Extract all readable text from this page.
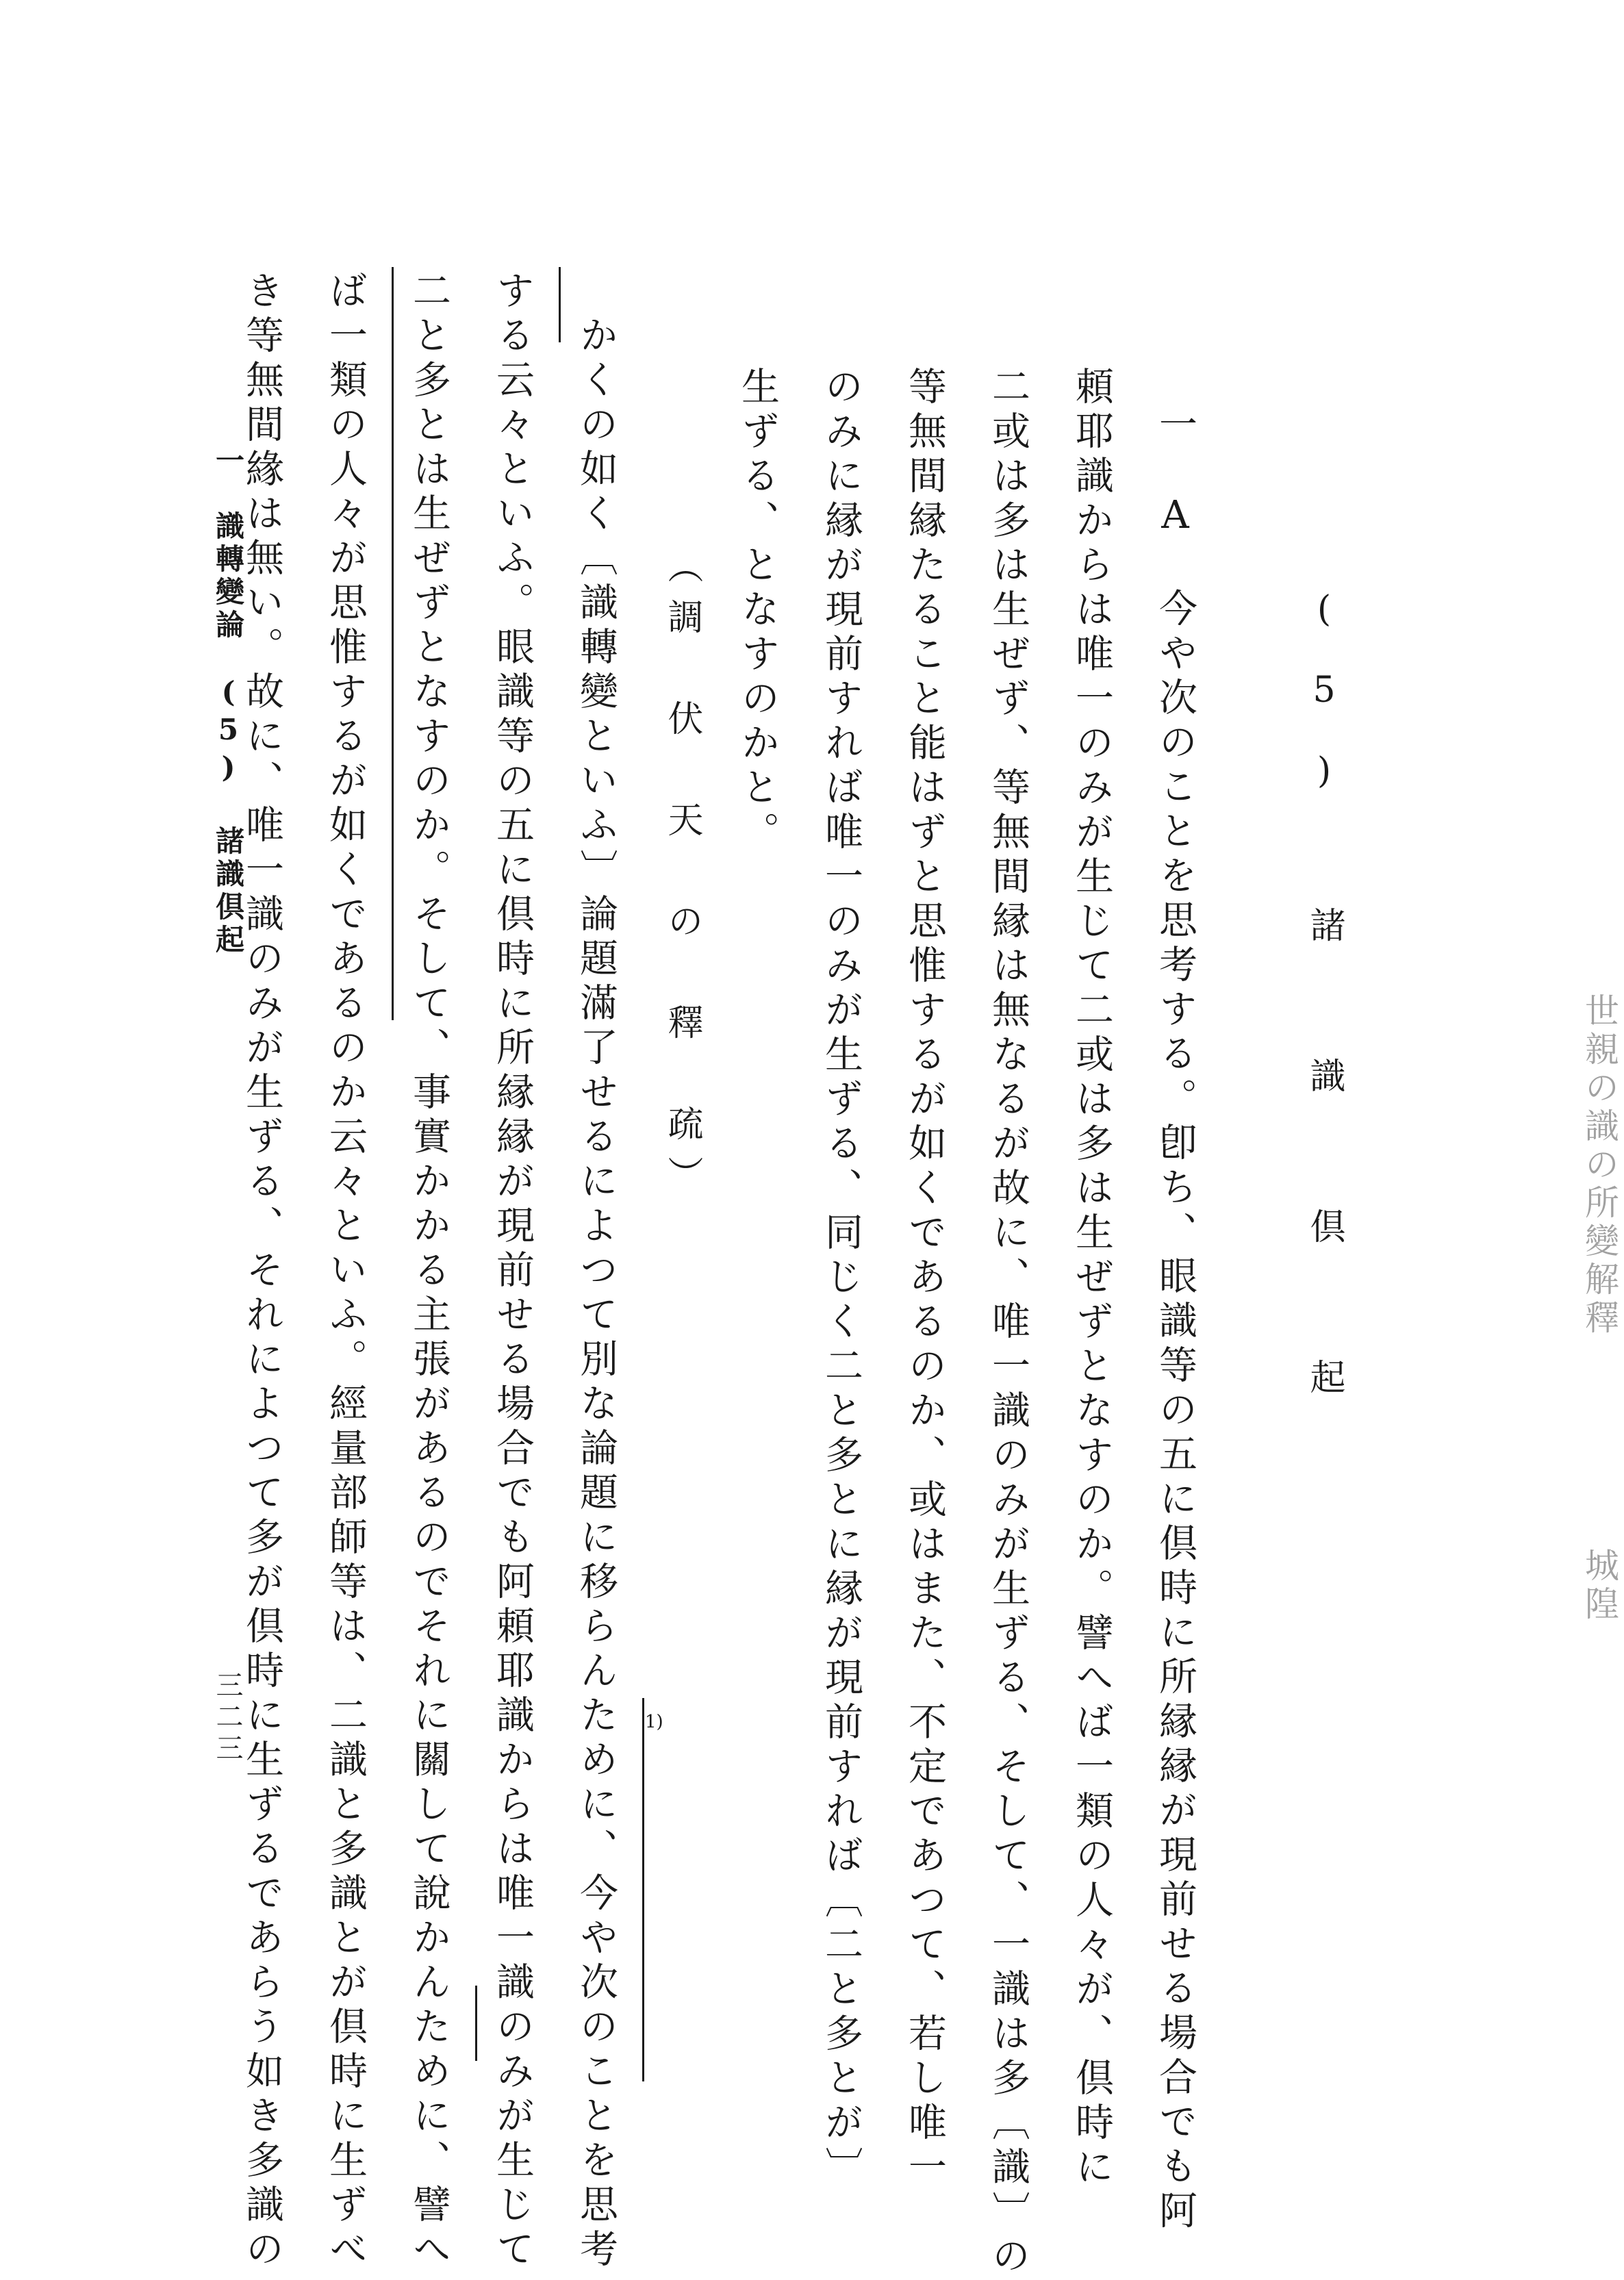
(5)　諸　識　倶　起
一　A　今や次のことを思考する。卽ち、眼識等の五に倶時に所縁縁が現前せる場合でも阿
頼耶識からは唯一のみが生じて二或は多は生ぜずとなすのか。譬へば一類の人々が、倶時に
二或は多は生ぜず、等無間縁は無なるが故に、唯一識のみが生ずる、そして、一識は多〔識〕の
等無間縁たること能はずと思惟するが如くであるのか、或はまた、不定であつて、若し唯一
のみに縁が現前すれば唯一のみが生ずる、同じく二と多とに縁が現前すれば〔二と多とが〕
生ずる、となすのかと。
（調　伏　天　の　釋　疏）
かくの如く〔識轉變といふ〕論題滿了せるによつて別な論題に移らんために、今や次のことを思考
する云々といふ。眼識等の五に倶時に所縁縁が現前せる場合でも阿頼耶識からは唯一識のみが生じて
二と多とは生ぜずとなすのか。そして、事實かかる主張があるのでそれに關して說かんために、譬へ
ば一類の人々が思惟するが如くであるのか云々といふ。經量部師等は、二識と多識とが倶時に生ずべ
き等無間緣は無い。故に、唯一識のみが生ずる、それによつて多が倶時に生ずるであらう如き多識の	1)
一　識轉變論　(5) 諸識倶起
三二三
世親の識の所變解釋
城隍
